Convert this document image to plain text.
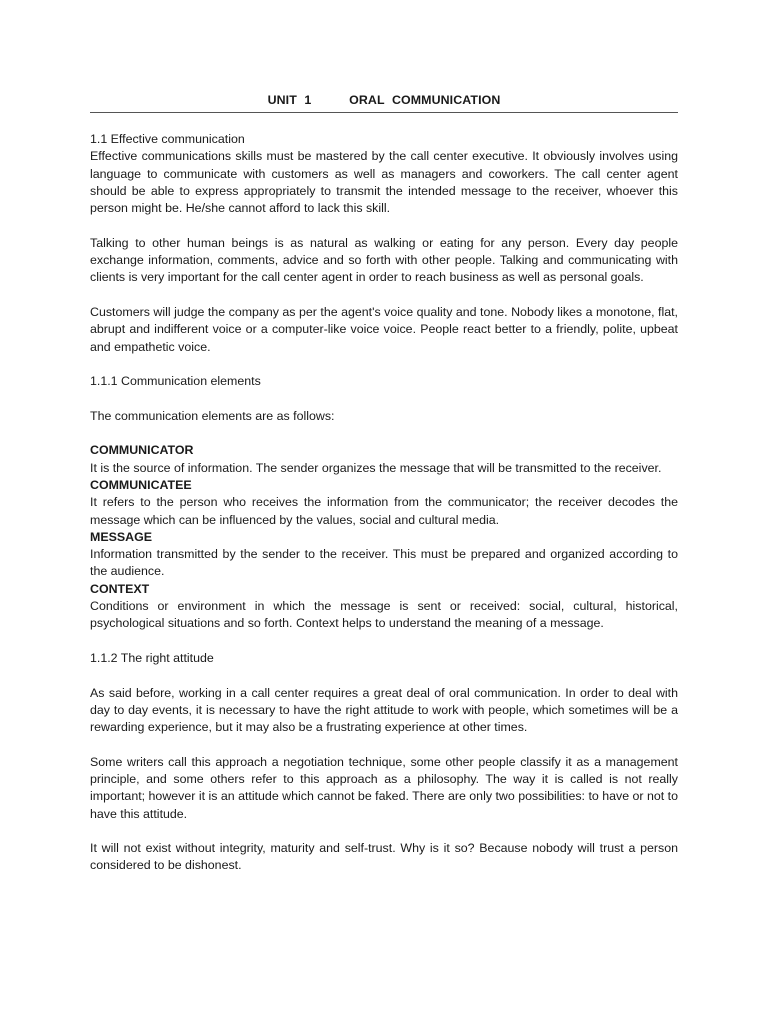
UNIT 1     ORAL COMMUNICATION

1.1 Effective communication

Effective communications skills must be mastered by the call center executive. It obviously involves using language to communicate with customers as well as managers and coworkers. The call center agent should be able to express appropriately to transmit the intended message to the receiver, whoever this person might be. He/she cannot afford to lack this skill.

Talking to other human beings is as natural as walking or eating for any person. Every day people exchange information, comments, advice and so forth with other people. Talking and communicating with clients is very important for the call center agent in order to reach business as well as personal goals.

Customers will judge the company as per the agent's voice quality and tone. Nobody likes a monotone, flat, abrupt and indifferent voice or a computer-like voice voice. People react better to a friendly, polite, upbeat and empathetic voice.

1.1.1 Communication elements

The communication elements are as follows:

COMMUNICATOR

It is the source of information. The sender organizes the message that will be transmitted to the receiver.

COMMUNICATEE

It refers to the person who receives the information from the communicator; the receiver decodes the message which can be influenced by the values, social and cultural media.

MESSAGE

Information transmitted by the sender to the receiver. This must be prepared and organized according to the audience.

CONTEXT

Conditions or environment in which the message is sent or received: social, cultural, historical, psychological situations and so forth. Context helps to understand the meaning of a message.

1.1.2 The right attitude

As said before, working in a call center requires a great deal of oral communication. In order to deal with day to day events, it is necessary to have the right attitude to work with people, which sometimes will be a rewarding experience, but it may also be a frustrating experience at other times.

Some writers call this approach a negotiation technique, some other people classify it as a management principle, and some others refer to this approach as a philosophy. The way it is called is not really important; however it is an attitude which cannot be faked. There are only two possibilities: to have or not to have this attitude.

It will not exist without integrity, maturity and self-trust. Why is it so? Because nobody will trust a person considered to be dishonest.
